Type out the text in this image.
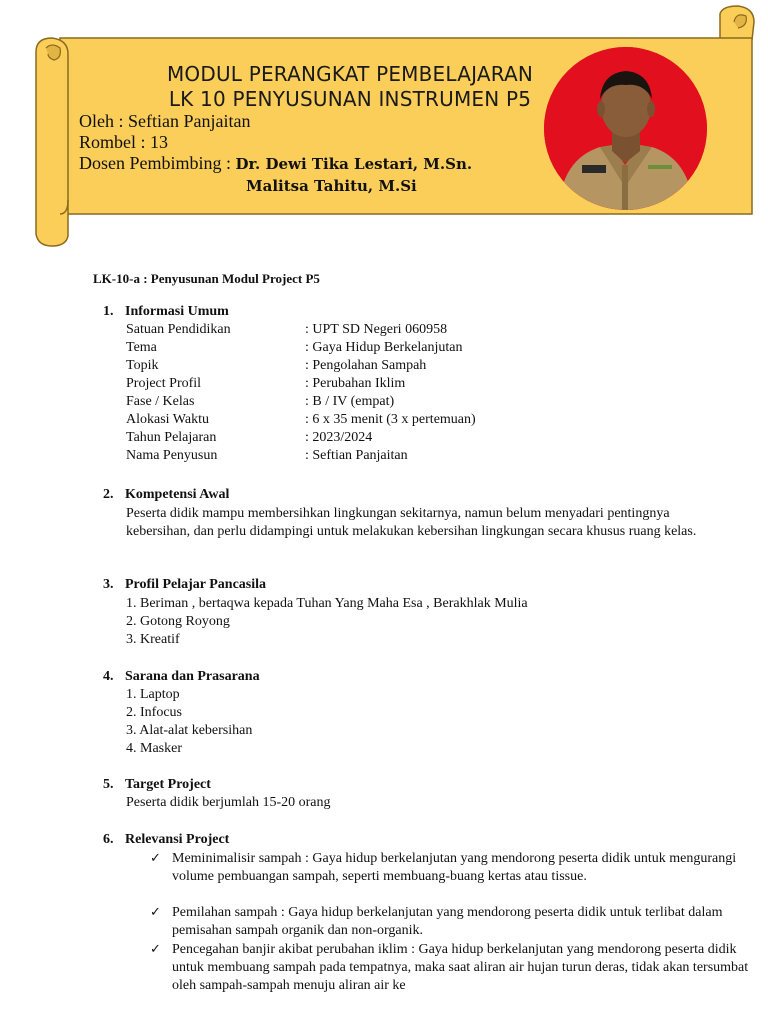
MODUL PERANGKAT PEMBELAJARAN
LK 10 PENYUSUNAN INSTRUMEN P5
Oleh : Seftian Panjaitan
Rombel : 13
Dosen Pembimbing : Dr. Dewi Tika Lestari, M.Sn.
Malitsa Tahitu, M.Si
LK-10-a : Penyusunan Modul Project P5
1. Informasi Umum
Satuan Pendidikan	: UPT SD Negeri 060958
Tema	: Gaya Hidup Berkelanjutan
Topik	: Pengolahan Sampah
Project Profil	: Perubahan Iklim
Fase / Kelas	: B / IV (empat)
Alokasi Waktu	: 6 x 35 menit (3 x pertemuan)
Tahun Pelajaran	: 2023/2024
Nama Penyusun	: Seftian Panjaitan
2. Kompetensi Awal
Peserta didik mampu membersihkan lingkungan sekitarnya, namun belum menyadari pentingnya kebersihan, dan perlu didampingi untuk melakukan kebersihan lingkungan secara khusus ruang kelas.
3. Profil Pelajar Pancasila
1. Beriman , bertaqwa kepada Tuhan Yang Maha Esa , Berakhlak Mulia
2. Gotong Royong
3. Kreatif
4. Sarana dan Prasarana
1. Laptop
2. Infocus
3. Alat-alat kebersihan
4. Masker
5. Target Project
Peserta didik berjumlah 15-20 orang
6. Relevansi Project
✓ Meminimalisir sampah : Gaya hidup berkelanjutan yang mendorong peserta didik untuk mengurangi volume pembuangan sampah, seperti membuang-buang kertas atau tissue.
✓ Pemilahan sampah : Gaya hidup berkelanjutan yang mendorong peserta didik untuk terlibat dalam pemisahan sampah organik dan non-organik.
✓ Pencegahan banjir akibat perubahan iklim : Gaya hidup berkelanjutan yang mendorong peserta didik untuk membuang sampah pada tempatnya, maka saat aliran air hujan turun deras, tidak akan tersumbat oleh sampah-sampah menuju aliran air ke
